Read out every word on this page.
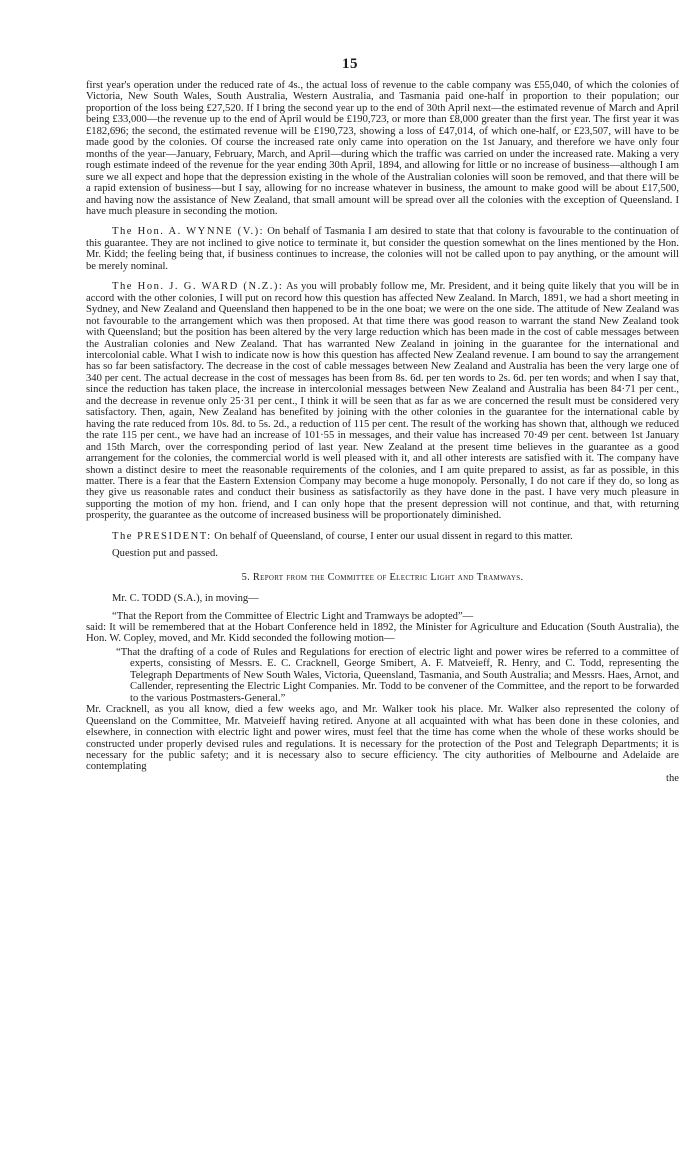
15

first year's operation under the reduced rate of 4s., the actual loss of revenue to the cable company was £55,040, of which the colonies of Victoria, New South Wales, South Australia, Western Australia, and Tasmania paid one-half in proportion to their population; our proportion of the loss being £27,520. If I bring the second year up to the end of 30th April next—the estimated revenue of March and April being £33,000—the revenue up to the end of April would be £190,723, or more than £8,000 greater than the first year. The first year it was £182,696; the second, the estimated revenue will be £190,723, showing a loss of £47,014, of which one-half, or £23,507, will have to be made good by the colonies. Of course the increased rate only came into operation on the 1st January, and therefore we have only four months of the year—January, February, March, and April—during which the traffic was carried on under the increased rate. Making a very rough estimate indeed of the revenue for the year ending 30th April, 1894, and allowing for little or no increase of business—although I am sure we all expect and hope that the depression existing in the whole of the Australian colonies will soon be removed, and that there will be a rapid extension of business—but I say, allowing for no increase whatever in business, the amount to make good will be about £17,500, and having now the assistance of New Zealand, that small amount will be spread over all the colonies with the exception of Queensland. I have much pleasure in seconding the motion.

The Hon. A. WYNNE (V.): On behalf of Tasmania I am desired to state that that colony is favourable to the continuation of this guarantee. They are not inclined to give notice to terminate it, but consider the question somewhat on the lines mentioned by the Hon. Mr. Kidd; the feeling being that, if business continues to increase, the colonies will not be called upon to pay anything, or the amount will be merely nominal.

The Hon. J. G. WARD (N.Z.): As you will probably follow me, Mr. President, and it being quite likely that you will be in accord with the other colonies, I will put on record how this question has affected New Zealand. In March, 1891, we had a short meeting in Sydney, and New Zealand and Queensland then happened to be in the one boat; we were on the one side. The attitude of New Zealand was not favourable to the arrangement which was then proposed. At that time there was good reason to warrant the stand New Zealand took with Queensland; but the position has been altered by the very large reduction which has been made in the cost of cable messages between the Australian colonies and New Zealand. That has warranted New Zealand in joining in the guarantee for the international and intercolonial cable. What I wish to indicate now is how this question has affected New Zealand revenue. I am bound to say the arrangement has so far been satisfactory. The decrease in the cost of cable messages between New Zealand and Australia has been the very large one of 340 per cent. The actual decrease in the cost of messages has been from 8s. 6d. per ten words to 2s. 6d. per ten words; and when I say that, since the reduction has taken place, the increase in intercolonial messages between New Zealand and Australia has been 84·71 per cent., and the decrease in revenue only 25·31 per cent., I think it will be seen that as far as we are concerned the result must be considered very satisfactory. Then, again, New Zealand has benefited by joining with the other colonies in the guarantee for the international cable by having the rate reduced from 10s. 8d. to 5s. 2d., a reduction of 115 per cent. The result of the working has shown that, although we reduced the rate 115 per cent., we have had an increase of 101·55 in messages, and their value has increased 70·49 per cent. between 1st January and 15th March, over the corresponding period of last year. New Zealand at the present time believes in the guarantee as a good arrangement for the colonies, the commercial world is well pleased with it, and all other interests are satisfied with it. The company have shown a distinct desire to meet the reasonable requirements of the colonies, and I am quite prepared to assist, as far as possible, in this matter. There is a fear that the Eastern Extension Company may become a huge monopoly. Personally, I do not care if they do, so long as they give us reasonable rates and conduct their business as satisfactorily as they have done in the past. I have very much pleasure in supporting the motion of my hon. friend, and I can only hope that the present depression will not continue, and that, with returning prosperity, the guarantee as the outcome of increased business will be proportionately diminished.

The PRESIDENT: On behalf of Queensland, of course, I enter our usual dissent in regard to this matter.

Question put and passed.

5. Report from the Committee of Electric Light and Tramways.

Mr. C. TODD (S.A.), in moving—

“That the Report from the Committee of Electric Light and Tramways be adopted”—

said: It will be remembered that at the Hobart Conference held in 1892, the Minister for Agriculture and Education (South Australia), the Hon. W. Copley, moved, and Mr. Kidd seconded the following motion—

“That the drafting of a code of Rules and Regulations for erection of electric light and power wires be referred to a committee of experts, consisting of Messrs. E. C. Cracknell, George Smibert, A. F. Matveieff, R. Henry, and C. Todd, representing the Telegraph Departments of New South Wales, Victoria, Queensland, Tasmania, and South Australia; and Messrs. Haes, Arnot, and Callender, representing the Electric Light Companies. Mr. Todd to be convener of the Committee, and the report to be forwarded to the various Postmasters-General.”

Mr. Cracknell, as you all know, died a few weeks ago, and Mr. Walker took his place. Mr. Walker also represented the colony of Queensland on the Committee, Mr. Matveieff having retired. Anyone at all acquainted with what has been done in these colonies, and elsewhere, in connection with electric light and power wires, must feel that the time has come when the whole of these works should be constructed under properly devised rules and regulations. It is necessary for the protection of the Post and Telegraph Departments; it is necessary for the public safety; and it is necessary also to secure efficiency. The city authorities of Melbourne and Adelaide are contemplating

the
